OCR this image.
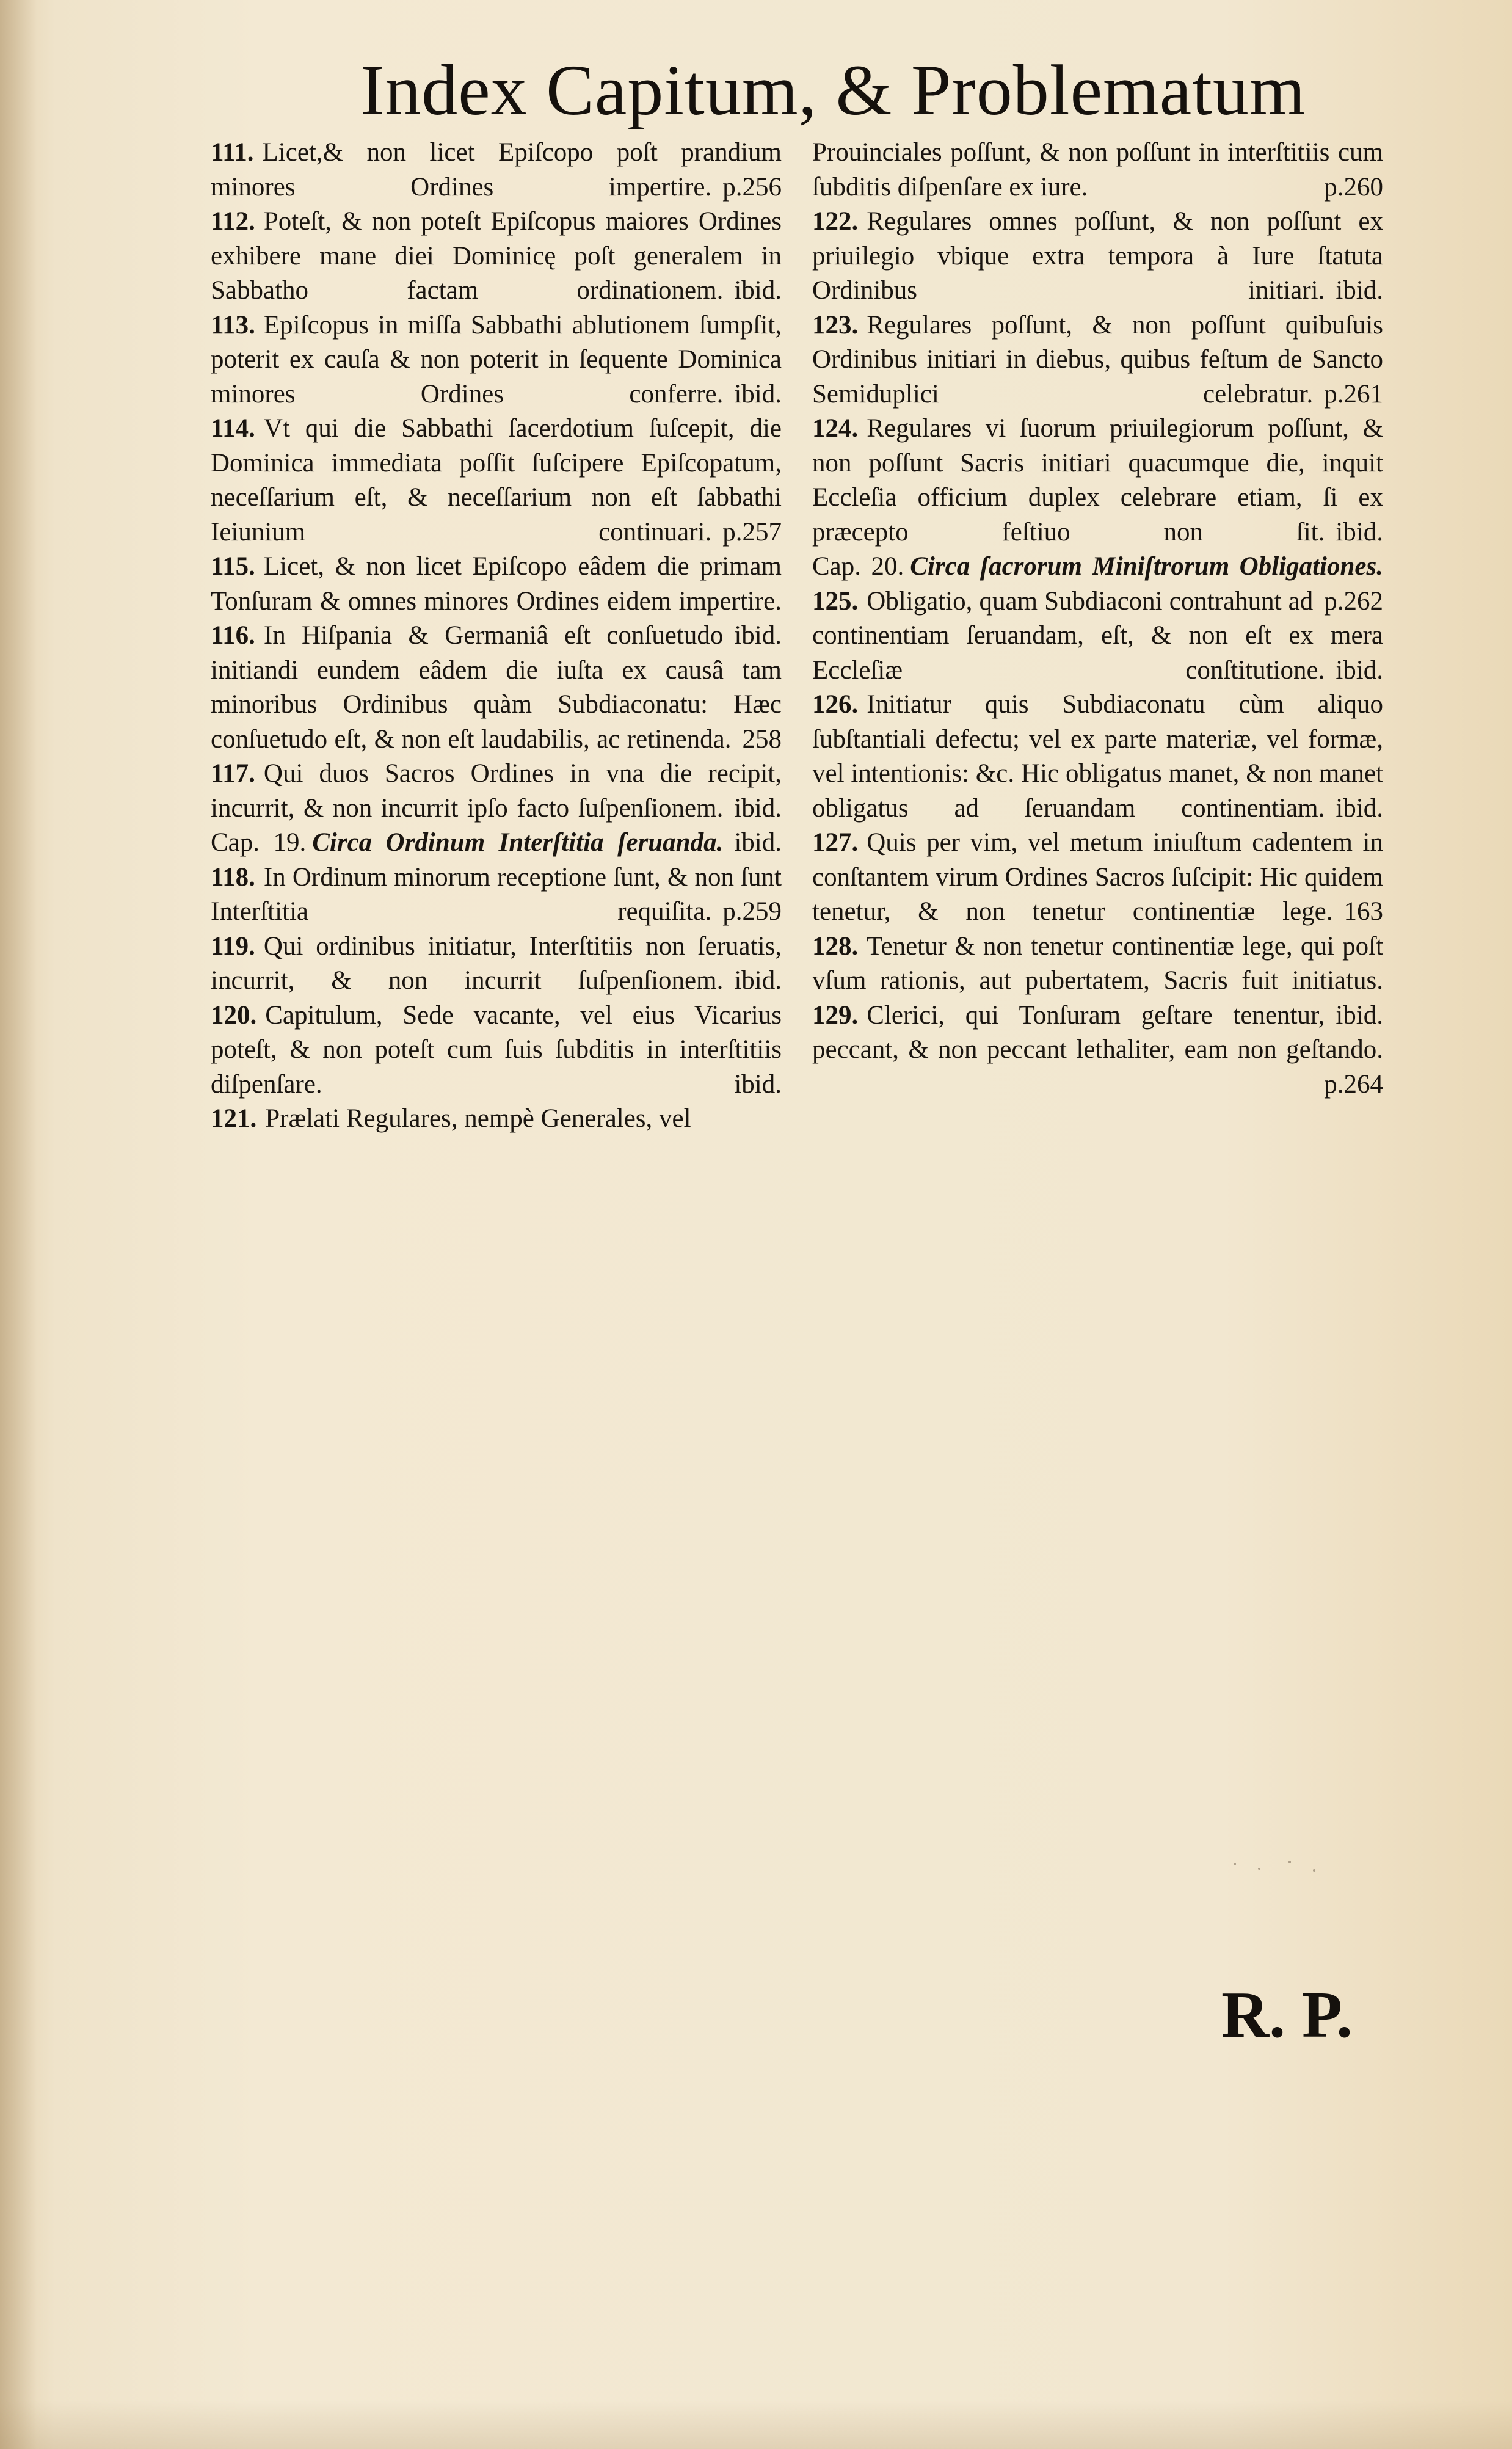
Index Capitum, & Problematum

111. Licet,& non licet Epiſcopo poſt prandium minores Ordines impertire. p.256

112. Poteſt, & non poteſt Epiſcopus maiores Ordines exhibere mane diei Dominicę poſt generalem in Sabbatho factam ordinationem. ibid.

113. Epiſcopus in miſſa Sabbathi ablutionem ſumpſit, poterit ex cauſa & non poterit in ſequente Dominica minores Ordines conferre. ibid.

114. Vt qui die Sabbathi ſacerdotium ſuſcepit, die Dominica immediata poſſit ſuſcipere Epiſcopatum, neceſſarium eſt, & neceſſarium non eſt ſabbathi Ieiunium continuari. p.257

115. Licet, & non licet Epiſcopo eâdem die primam Tonſuram & omnes minores Ordines eidem impertire.
ibid.

116. In Hiſpania & Germaniâ eſt conſuetudo initiandi eundem eâdem die iuſta ex causâ tam minoribus Ordinibus quàm Subdiaconatu: Hæc conſuetudo eſt, & non eſt laudabilis, ac retinenda. 258

117. Qui duos Sacros Ordines in vna die recipit, incurrit, & non incurrit ipſo facto ſuſpenſionem. ibid.

Cap. 19. Circa Ordinum Interſtitia ſeruanda. ibid.

118. In Ordinum minorum receptione ſunt, & non ſunt Interſtitia requiſita. p.259

119. Qui ordinibus initiatur, Interſtitiis non ſeruatis, incurrit, & non incurrit ſuſpenſionem. ibid.

120. Capitulum, Sede vacante, vel eius Vicarius poteſt, & non poteſt cum ſuis ſubditis in interſtitiis diſpenſare.	ibid.

121. Prælati Regulares, nempè Generales, vel

Prouinciales poſſunt, & non poſſunt in interſtitiis cum ſubditis diſpenſare ex iure.	p.260

122. Regulares omnes poſſunt, & non poſſunt ex priuilegio vbique extra tempora à Iure ſtatuta Ordinibus initiari. ibid.

123. Regulares poſſunt, & non poſſunt quibuſuis Ordinibus initiari in diebus, quibus feſtum de Sancto Semiduplici celebratur. p.261

124. Regulares vi ſuorum priuilegiorum poſſunt, & non poſſunt Sacris initiari quacumque die, inquit Eccleſia officium duplex celebrare etiam, ſi ex præcepto feſtiuo non ſit. ibid.

Cap. 20. Circa ſacrorum Miniſtrorum Obligationes.
p.262

125. Obligatio, quam Subdiaconi contrahunt ad continentiam ſeruandam, eſt, & non eſt ex mera Eccleſiæ conſtitutione. ibid.

126. Initiatur quis Subdiaconatu cùm aliquo ſubſtantiali defectu; vel ex parte materiæ, vel formæ, vel intentionis: &c. Hic obligatus manet, & non manet obligatus ad ſeruandam continentiam. ibid.

127. Quis per vim, vel metum iniuſtum cadentem in conſtantem virum Ordines Sacros ſuſcipit: Hic quidem tenetur, & non tenetur continentiæ lege. 163

128. Tenetur & non tenetur continentiæ lege, qui poſt vſum rationis, aut pubertatem, Sacris fuit initiatus.
ibid.

129. Clerici, qui Tonſuram geſtare tenentur, peccant, & non peccant lethaliter, eam non geſtando.
p.264

R. P.
